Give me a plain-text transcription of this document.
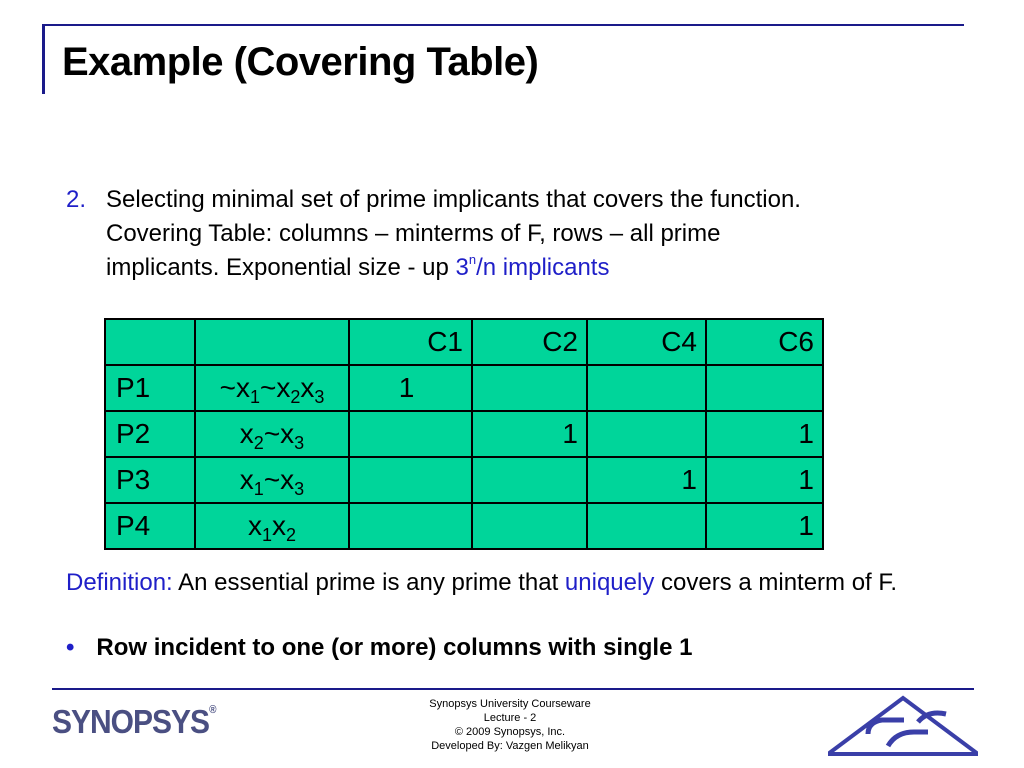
Example (Covering Table)
2. Selecting minimal set of prime implicants that covers the function.
Covering Table: columns – minterms of F, rows – all prime
implicants. Exponential size - up 3$^n$/n implicants
		C1	C2	C4	C6
P1	$\sim x_1\sim x_2x_3$	1			
P2	$x_2\sim x_3$		1		1
P3	$x_1\sim x_3$			1	1
P4	$x_1x_2$				1
Definition: An essential prime is any prime that uniquely covers a minterm of F.
• Row incident to one (or more) columns with single 1
SYNOPSYS®
Synopsys University Courseware
Lecture - 2
© 2009 Synopsys, Inc.
Developed By: Vazgen Melikyan
